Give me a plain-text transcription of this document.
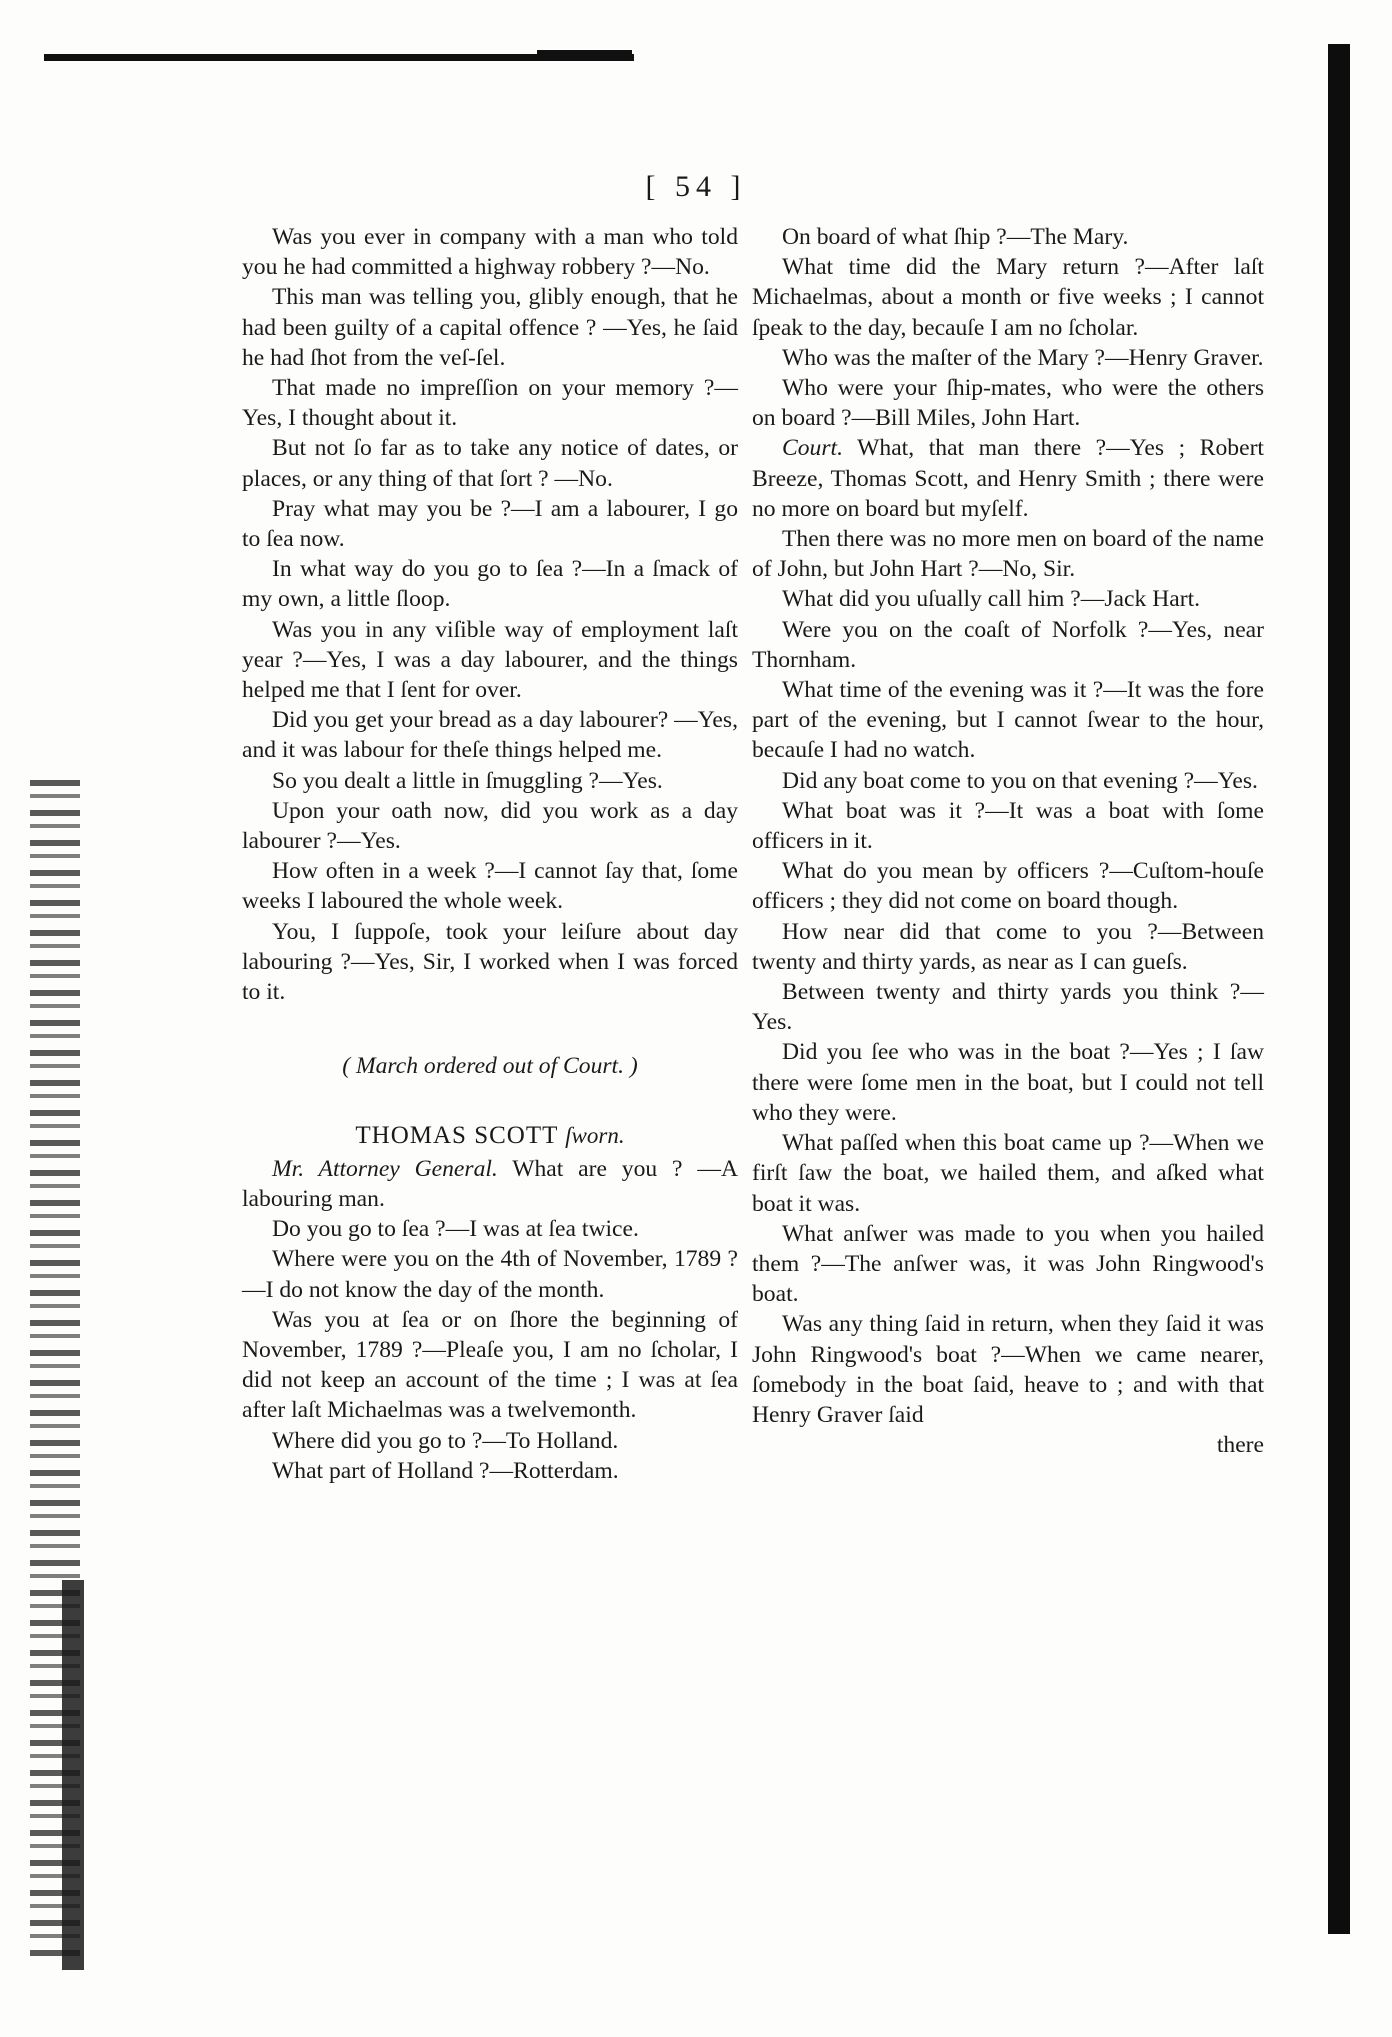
[ 54 ]

Was you ever in company with a man who told you he had committed a highway robbery ?—No.

This man was telling you, glibly enough, that he had been guilty of a capital offence ? —Yes, he ſaid he had ſhot from the veſ-ſel.

That made no impreſſion on your memory ?—Yes, I thought about it.

But not ſo far as to take any notice of dates, or places, or any thing of that ſort ? —No.

Pray what may you be ?—I am a labourer, I go to ſea now.

In what way do you go to ſea ?—In a ſmack of my own, a little ſloop.

Was you in any viſible way of employment laſt year ?—Yes, I was a day labourer, and the things helped me that I ſent for over.

Did you get your bread as a day labourer? —Yes, and it was labour for theſe things helped me.

So you dealt a little in ſmuggling ?—Yes.

Upon your oath now, did you work as a day labourer ?—Yes.

How often in a week ?—I cannot ſay that, ſome weeks I laboured the whole week.

You, I ſuppoſe, took your leiſure about day labouring ?—Yes, Sir, I worked when I was forced to it.

( March ordered out of Court. )

THOMAS SCOTT ſworn.

Mr. Attorney General. What are you ? —A labouring man.

Do you go to ſea ?—I was at ſea twice.

Where were you on the 4th of November, 1789 ?—I do not know the day of the month.

Was you at ſea or on ſhore the beginning of November, 1789 ?—Pleaſe you, I am no ſcholar, I did not keep an account of the time ; I was at ſea after laſt Michaelmas was a twelvemonth.

Where did you go to ?—To Holland.

What part of Holland ?—Rotterdam.

On board of what ſhip ?—The Mary.

What time did the Mary return ?—After laſt Michaelmas, about a month or five weeks ; I cannot ſpeak to the day, becauſe I am no ſcholar.

Who was the maſter of the Mary ?—Henry Graver.

Who were your ſhip-mates, who were the others on board ?—Bill Miles, John Hart.

Court. What, that man there ?—Yes ; Robert Breeze, Thomas Scott, and Henry Smith ; there were no more on board but myſelf.

Then there was no more men on board of the name of John, but John Hart ?—No, Sir.

What did you uſually call him ?—Jack Hart.

Were you on the coaſt of Norfolk ?—Yes, near Thornham.

What time of the evening was it ?—It was the fore part of the evening, but I cannot ſwear to the hour, becauſe I had no watch.

Did any boat come to you on that evening ?—Yes.

What boat was it ?—It was a boat with ſome officers in it.

What do you mean by officers ?—Cuſtom-houſe officers ; they did not come on board though.

How near did that come to you ?—Between twenty and thirty yards, as near as I can gueſs.

Between twenty and thirty yards you think ?—Yes.

Did you ſee who was in the boat ?—Yes ; I ſaw there were ſome men in the boat, but I could not tell who they were.

What paſſed when this boat came up ?—When we firſt ſaw the boat, we hailed them, and aſked what boat it was.

What anſwer was made to you when you hailed them ?—The anſwer was, it was John Ringwood's boat.

Was any thing ſaid in return, when they ſaid it was John Ringwood's boat ?—When we came nearer, ſomebody in the boat ſaid, heave to ; and with that Henry Graver ſaid

there
